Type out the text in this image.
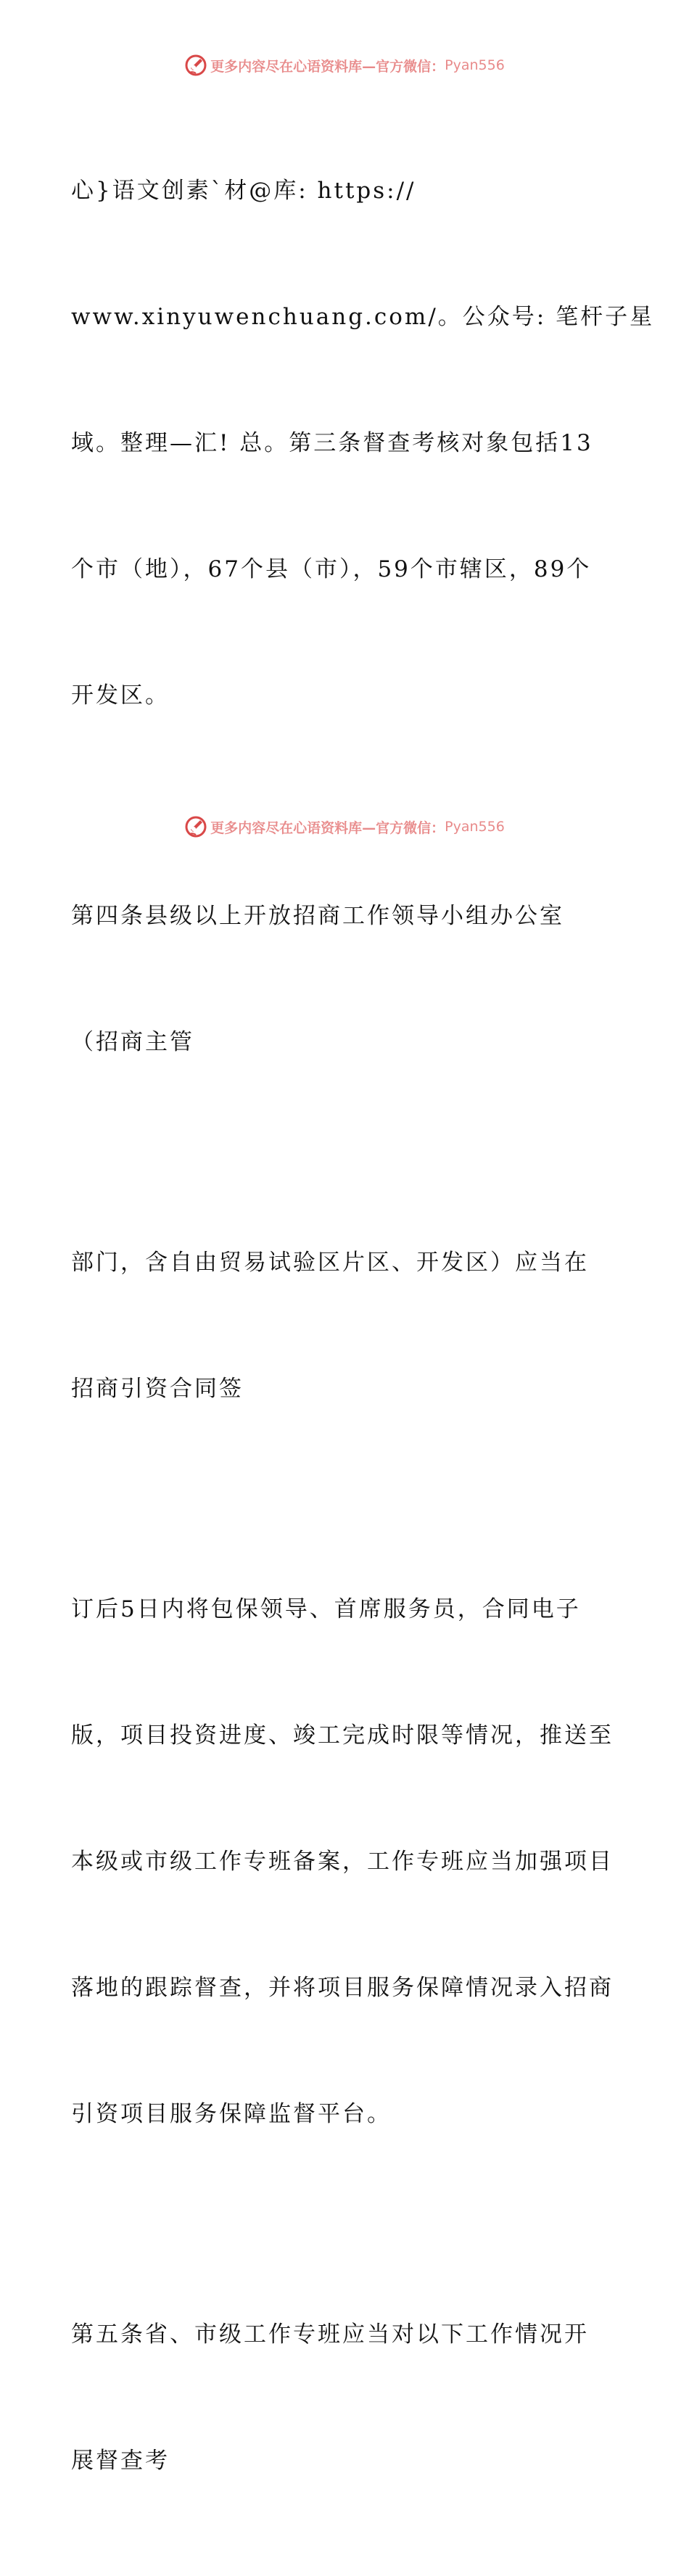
更多内容尽在心语资料库—官方微信： Pyan556

心}语文创素`材@库: https://

www.xinyuwenchuang.com/。公众号: 笔杆子星

域。整理—汇! 总。第三条督查考核对象包括13

个市（地），67个县（市），59个市辖区，89个

开发区。

第四条县级以上开放招商工作领导小组办公室

（招商主管

部门，含自由贸易试验区片区、开发区）应当在

招商引资合同签

订后5日内将包保领导、首席服务员，合同电子

版，项目投资进度、竣工完成时限等情况，推送至

本级或市级工作专班备案，工作专班应当加强项目

落地的跟踪督查，并将项目服务保障情况录入招商

引资项目服务保障监督平台。

第五条省、市级工作专班应当对以下工作情况开

展督查考

更多内容尽在心语资料库—官方微信： Pyan556
